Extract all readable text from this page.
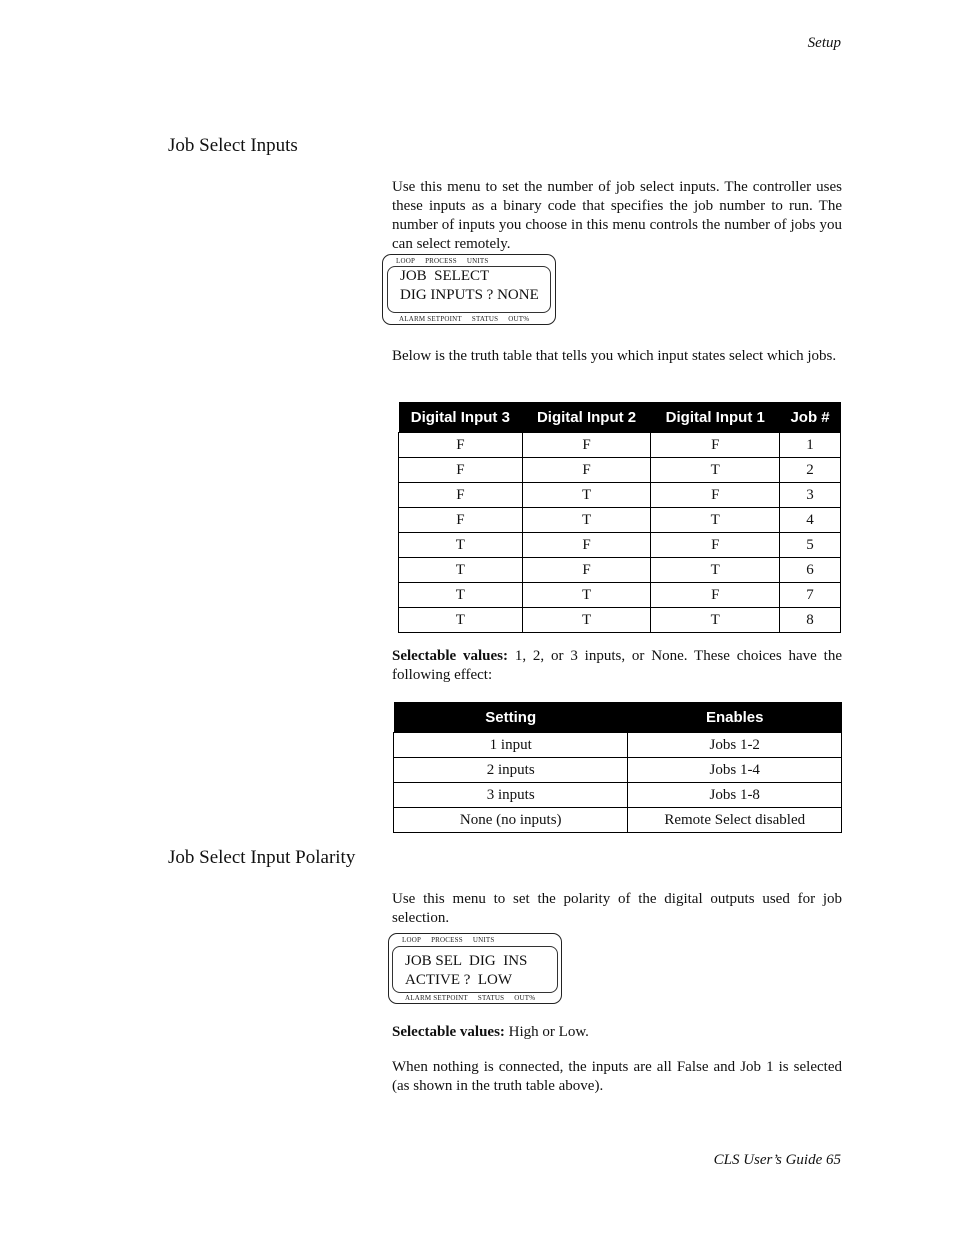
Setup
Job Select Inputs
Use this menu to set the number of job select inputs. The controller uses these inputs as a binary code that specifies the job number to run. The number of inputs you choose in this menu controls the number of jobs you can select remotely.
LOOP PROCESS UNITS
JOB  SELECT
DIG INPUTS ? NONE
ALARM SETPOINT STATUS OUT%
Below is the truth table that tells you which input states select which jobs.
Digital Input 3	Digital Input 2	Digital Input 1	Job #
F	F	F	1
F	F	T	2
F	T	F	3
F	T	T	4
T	F	F	5
T	F	T	6
T	T	F	7
T	T	T	8
Selectable values: 1, 2, or 3 inputs, or None. These choices have the following effect:
Setting	Enables
1 input	Jobs 1-2
2 inputs	Jobs 1-4
3 inputs	Jobs 1-8
None (no inputs)	Remote Select disabled
Job Select Input Polarity
Use this menu to set the polarity of the digital outputs used for job selection.
LOOP PROCESS UNITS
JOB SEL  DIG  INS
ACTIVE ?  LOW
ALARM SETPOINT STATUS OUT%
Selectable values: High or Low.
When nothing is connected, the inputs are all False and Job 1 is selected (as shown in the truth table above).
CLS User’s Guide 65
